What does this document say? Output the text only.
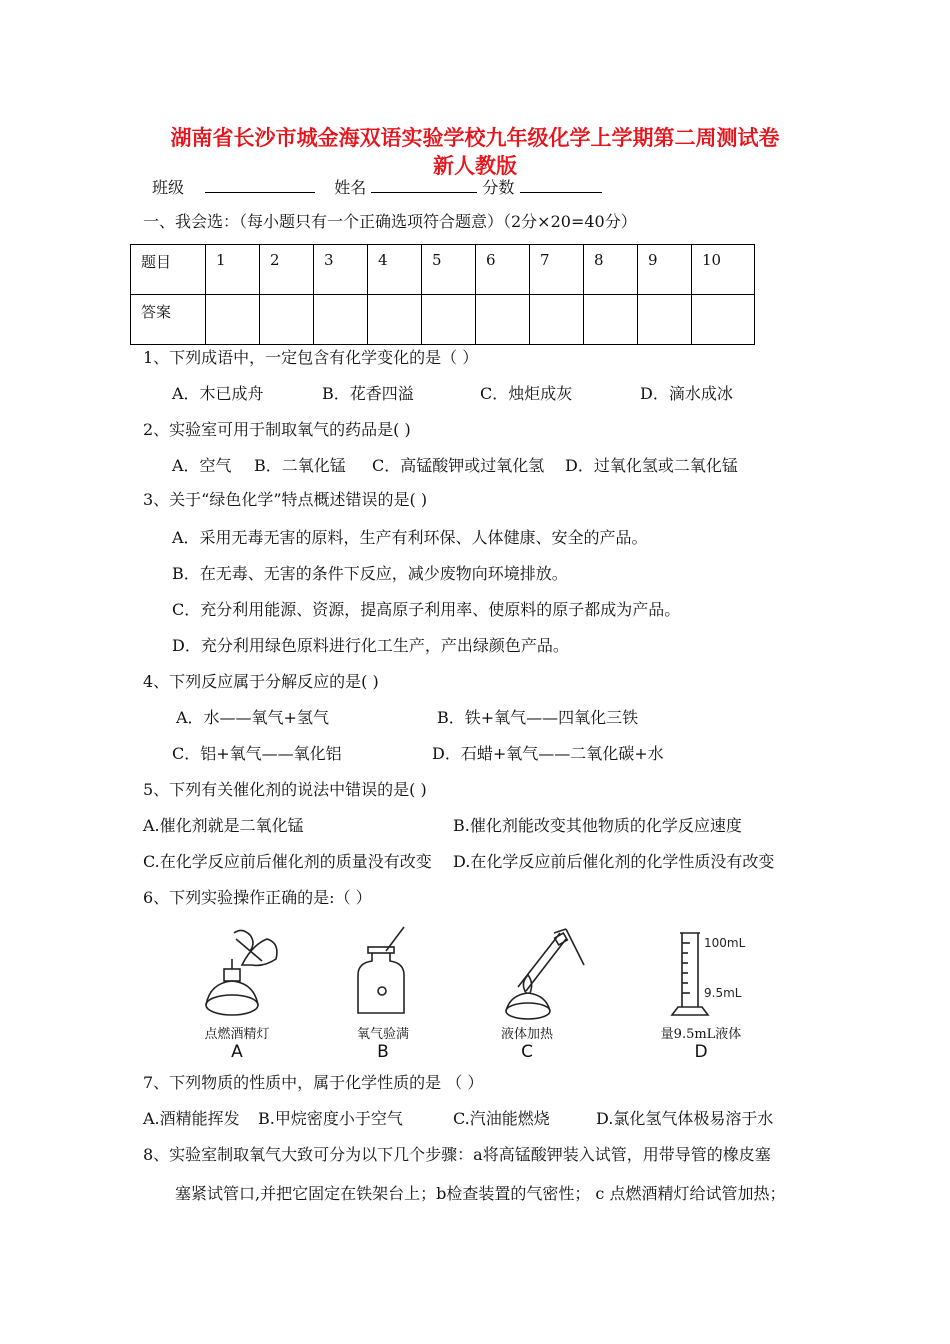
湖南省长沙市城金海双语实验学校九年级化学上学期第二周测试卷
新人教版
班级	姓名	分数
一、我会选：（每小题只有一个正确选项符合题意）（2分×20=40分）
题目	1	2	3	4	5	6	7	8	9	10
答案										
1、下列成语中，一定包含有化学变化的是（ ）
A．木已成舟	B．花香四溢	C．烛炬成灰	D．滴水成冰
2、实验室可用于制取氧气的药品是( )
A．空气 B．二氧化锰 C．高锰酸钾或过氧化氢 D．过氧化氢或二氧化锰
3、关于“绿色化学”特点概述错误的是( )
A．采用无毒无害的原料，生产有利环保、人体健康、安全的产品。
B．在无毒、无害的条件下反应，减少废物向环境排放。
C．充分利用能源、资源，提高原子利用率、使原料的原子都成为产品。
D．充分利用绿色原料进行化工生产，产出绿颜色产品。
4、下列反应属于分解反应的是( )
A．水——氧气+氢气	B．铁+氧气——四氧化三铁
C．铝+氧气——氧化铝	D．石蜡+氧气——二氧化碳+水
5、下列有关催化剂的说法中错误的是( )
A.催化剂就是二氧化锰	B.催化剂能改变其他物质的化学反应速度
C.在化学反应前后催化剂的质量没有改变 D.在化学反应前后催化剂的化学性质没有改变
6、下列实验操作正确的是:（ ）
点燃酒精灯
A
氧气验满
B
液体加热
C
100mL
9.5mL
量9.5mL液体
D
7、下列物质的性质中，属于化学性质的是 （ ）
A.酒精能挥发 B.甲烷密度小于空气	C.汽油能燃烧	D.氯化氢气体极易溶于水
8、实验室制取氧气大致可分为以下几个步骤：a将高锰酸钾装入试管，用带导管的橡皮塞
塞紧试管口,并把它固定在铁架台上；b检查装置的气密性； c 点燃酒精灯给试管加热；
